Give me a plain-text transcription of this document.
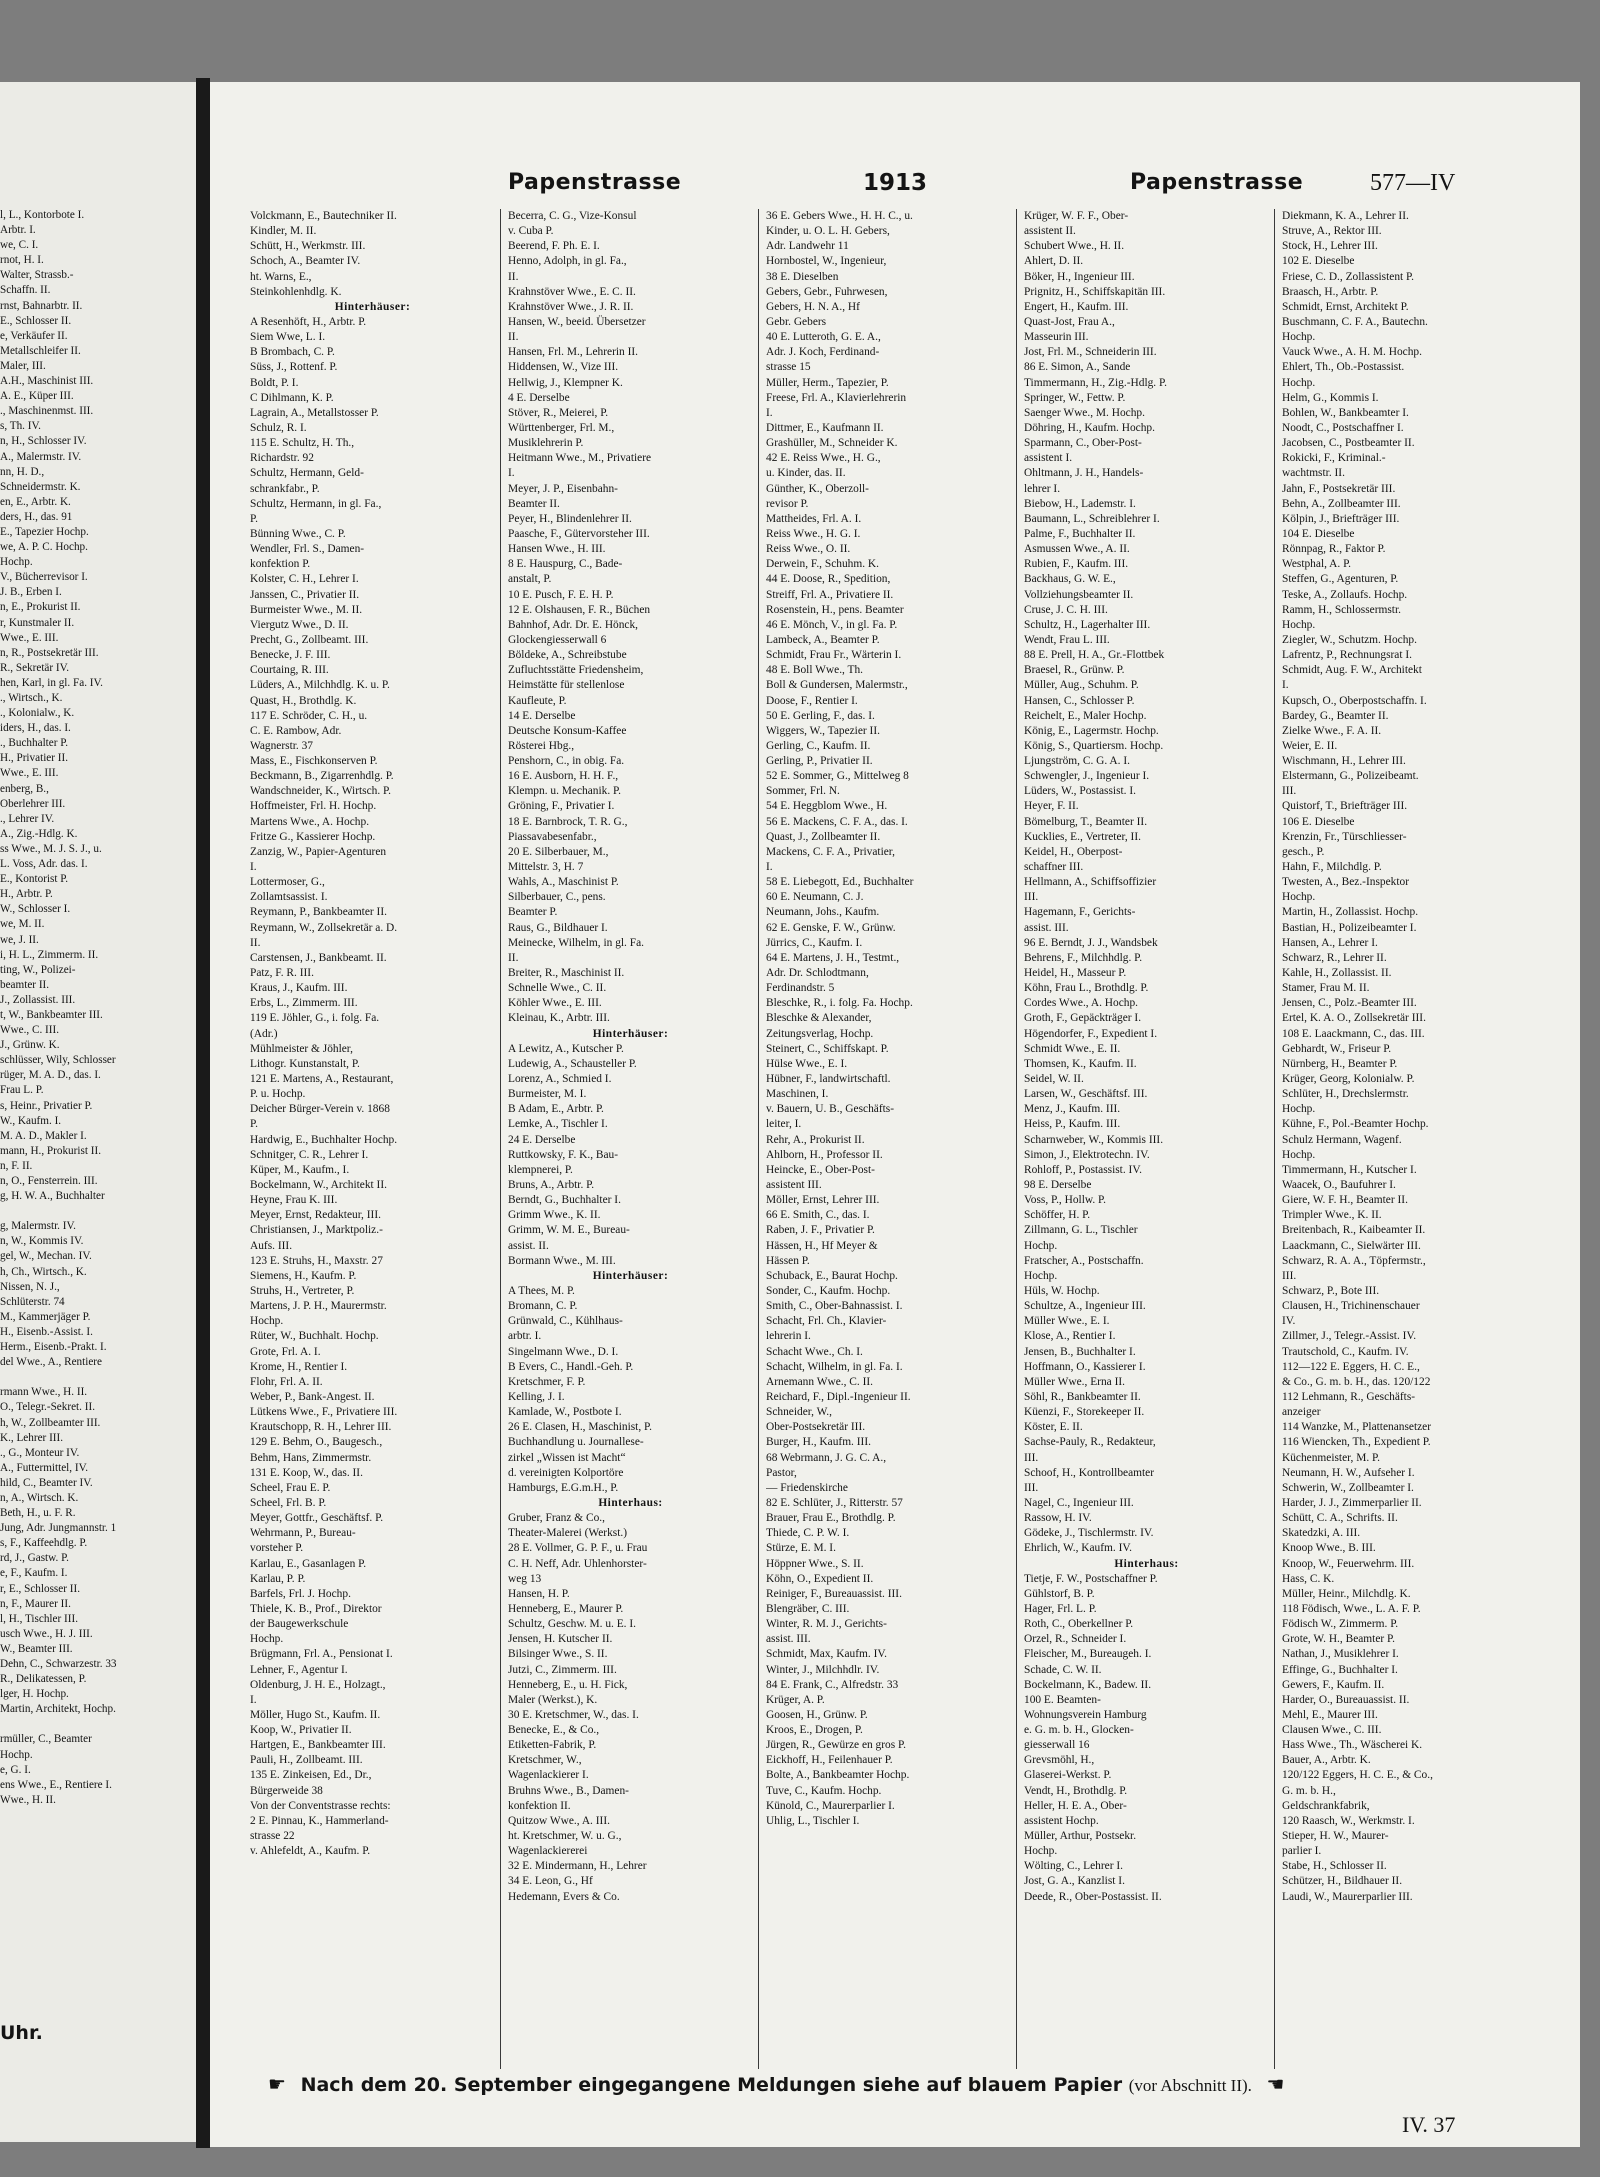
l, L., Kontorbote I.
Arbtr. I.
we, C. I.
rnot, H. I.
Walter, Strassb.-
Schaffn. II.
rnst, Bahnarbtr. II.
E., Schlosser II.
e, Verkäufer II.
Metallschleifer II.
Maler, III.
A.H., Maschinist III.
A. E., Küper III.
., Maschinenmst. III.
s, Th. IV.
n, H., Schlosser IV.
A., Malermstr. IV.
nn, H. D.,
Schneidermstr. K.
en, E., Arbtr. K.
ders, H., das. 91
E., Tapezier Hochp.
we, A. P. C. Hochp.
Hochp.
V., Bücherrevisor I.
J. B., Erben I.
n, E., Prokurist II.
r, Kunstmaler II.
Wwe., E. III.
n, R., Postsekretär III.
R., Sekretär IV.
hen, Karl, in gl. Fa. IV.
., Wirtsch., K.
., Kolonialw., K.
iders, H., das. I.
., Buchhalter P.
H., Privatier II.
Wwe., E. III.
enberg, B.,
Oberlehrer III.
., Lehrer IV.
A., Zig.-Hdlg. K.
ss Wwe., M. J. S. J., u.
L. Voss, Adr. das. I.
E., Kontorist P.
H., Arbtr. P.
W., Schlosser I.
we, M. II.
we, J. II.
i, H. L., Zimmerm. II.
ting, W., Polizei-
beamter II.
J., Zollassist. III.
t, W., Bankbeamter III.
Wwe., C. III.
J., Grünw. K.
schlüsser, Wily, Schlosser
rüger, M. A. D., das. I.
Frau L. P.
s, Heinr., Privatier P.
W., Kaufm. I.
M. A. D., Makler I.
mann, H., Prokurist II.
n, F. II.
n, O., Fensterrein. III.
g, H. W. A., Buchhalter
g, Malermstr. IV.
n, W., Kommis IV.
gel, W., Mechan. IV.
h, Ch., Wirtsch., K.
Nissen, N. J.,
Schlüterstr. 74
M., Kammerjäger P.
H., Eisenb.-Assist. I.
Herm., Eisenb.-Prakt. I.
del Wwe., A., Rentiere
rmann Wwe., H. II.
O., Telegr.-Sekret. II.
h, W., Zollbeamter III.
K., Lehrer III.
., G., Monteur IV.
A., Futtermittel, IV.
hild, C., Beamter IV.
n, A., Wirtsch. K.
Beth, H., u. F. R.
Jung, Adr. Jungmannstr. 1
s, F., Kaffeehdlg. P.
rd, J., Gastw. P.
e, F., Kaufm. I.
r, E., Schlosser II.
n, F., Maurer II.
l, H., Tischler III.
usch Wwe., H. J. III.
W., Beamter III.
Dehn, C., Schwarzestr. 33
R., Delikatessen, P.
lger, H. Hochp.
Martin, Architekt, Hochp.
rmüller, C., Beamter
Hochp.
e, G. I.
ens Wwe., E., Rentiere I.
Wwe., H. II.
Uhr.
Papenstrasse	1913	Papenstrasse	577—IV
Volckmann, E., Bautechniker II.
Kindler, M. II.
Schütt, H., Werkmstr. III.
Schoch, A., Beamter IV.
ht. Warns, E.,
Steinkohlenhdlg. K.
Hinterhäuser:
A Resenhöft, H., Arbtr. P.
Siem Wwe, L. I.
B Brombach, C. P.
Süss, J., Rottenf. P.
Boldt, P. I.
C Dihlmann, K. P.
Lagrain, A., Metallstosser P.
Schulz, R. I.
115 E. Schultz, H. Th.,
Richardstr. 92
Schultz, Hermann, Geld-
schrankfabr., P.
Schultz, Hermann, in gl. Fa.,
P.
Bünning Wwe., C. P.
Wendler, Frl. S., Damen-
konfektion P.
Kolster, C. H., Lehrer I.
Janssen, C., Privatier II.
Burmeister Wwe., M. II.
Viergutz Wwe., D. II.
Precht, G., Zollbeamt. III.
Benecke, J. F. III.
Courtaing, R. III.
Lüders, A., Milchhdlg. K. u. P.
Quast, H., Brothdlg. K.
117 E. Schröder, C. H., u.
C. E. Rambow, Adr.
Wagnerstr. 37
Mass, E., Fischkonserven P.
Beckmann, B., Zigarrenhdlg. P.
Wandschneider, K., Wirtsch. P.
Hoffmeister, Frl. H. Hochp.
Martens Wwe., A. Hochp.
Fritze G., Kassierer Hochp.
Zanzig, W., Papier-Agenturen
I.
Lottermoser, G.,
Zollamtsassist. I.
Reymann, P., Bankbeamter II.
Reymann, W., Zollsekretär a. D.
II.
Carstensen, J., Bankbeamt. II.
Patz, F. R. III.
Kraus, J., Kaufm. III.
Erbs, L., Zimmerm. III.
119 E. Jöhler, G., i. folg. Fa.
(Adr.)
Mühlmeister & Jöhler,
Lithogr. Kunstanstalt, P.
121 E. Martens, A., Restaurant,
P. u. Hochp.
Deicher Bürger-Verein v. 1868
P.
Hardwig, E., Buchhalter Hochp.
Schnitger, C. R., Lehrer I.
Küper, M., Kaufm., I.
Bockelmann, W., Architekt II.
Heyne, Frau K. III.
Meyer, Ernst, Redakteur, III.
Christiansen, J., Marktpoliz.-
Aufs. III.
123 E. Struhs, H., Maxstr. 27
Siemens, H., Kaufm. P.
Struhs, H., Vertreter, P.
Martens, J. P. H., Maurermstr.
Hochp.
Rüter, W., Buchhalt. Hochp.
Grote, Frl. A. I.
Krome, H., Rentier I.
Flohr, Frl. A. II.
Weber, P., Bank-Angest. II.
Lütkens Wwe., F., Privatiere III.
Krautschopp, R. H., Lehrer III.
129 E. Behm, O., Baugesch.,
Behm, Hans, Zimmermstr.
131 E. Koop, W., das. II.
Scheel, Frau E. P.
Scheel, Frl. B. P.
Meyer, Gottfr., Geschäftsf. P.
Wehrmann, P., Bureau-
vorsteher P.
Karlau, E., Gasanlagen P.
Karlau, P. P.
Barfels, Frl. J. Hochp.
Thiele, K. B., Prof., Direktor
der Baugewerkschule
Hochp.
Brügmann, Frl. A., Pensionat I.
Lehner, F., Agentur I.
Oldenburg, J. H. E., Holzagt.,
I.
Möller, Hugo St., Kaufm. II.
Koop, W., Privatier II.
Hartgen, E., Bankbeamter III.
Pauli, H., Zollbeamt. III.
135 E. Zinkeisen, Ed., Dr.,
Bürgerweide 38
Von der Conventstrasse rechts:
2 E. Pinnau, K., Hammerland-
strasse 22
v. Ahlefeldt, A., Kaufm. P.
Becerra, C. G., Vize-Konsul
v. Cuba P.
Beerend, F. Ph. E. I.
Henno, Adolph, in gl. Fa.,
II.
Krahnstöver Wwe., E. C. II.
Krahnstöver Wwe., J. R. II.
Hansen, W., beeid. Übersetzer
II.
Hansen, Frl. M., Lehrerin II.
Hiddensen, W., Vize III.
Hellwig, J., Klempner K.
4 E. Derselbe
Stöver, R., Meierei, P.
Württenberger, Frl. M.,
Musiklehrerin P.
Heitmann Wwe., M., Privatiere
I.
Meyer, J. P., Eisenbahn-
Beamter II.
Peyer, H., Blindenlehrer II.
Paasche, F., Gütervorsteher III.
Hansen Wwe., H. III.
8 E. Hauspurg, C., Bade-
anstalt, P.
10 E. Pusch, F. E. H. P.
12 E. Olshausen, F. R., Büchen
Bahnhof, Adr. Dr. E. Hönck,
Glockengiesserwall 6
Böldeke, A., Schreibstube
Zufluchtsstätte Friedensheim,
Heimstätte für stellenlose
Kaufleute, P.
14 E. Derselbe
Deutsche Konsum-Kaffee
Rösterei Hbg.,
Penshorn, C., in obig. Fa.
16 E. Ausborn, H. H. F.,
Klempn. u. Mechanik. P.
Gröning, F., Privatier I.
18 E. Barnbrock, T. R. G.,
Piassavabesenfabr.,
20 E. Silberbauer, M.,
Mittelstr. 3, H. 7
Wahls, A., Maschinist P.
Silberbauer, C., pens.
Beamter P.
Raus, G., Bildhauer I.
Meinecke, Wilhelm, in gl. Fa.
II.
Breiter, R., Maschinist II.
Schnelle Wwe., C. II.
Köhler Wwe., E. III.
Kleinau, K., Arbtr. III.
Hinterhäuser:
A Lewitz, A., Kutscher P.
Ludewig, A., Schausteller P.
Lorenz, A., Schmied I.
Burmeister, M. I.
B Adam, E., Arbtr. P.
Lemke, A., Tischler I.
24 E. Derselbe
Ruttkowsky, F. K., Bau-
klempnerei, P.
Bruns, A., Arbtr. P.
Berndt, G., Buchhalter I.
Grimm Wwe., K. II.
Grimm, W. M. E., Bureau-
assist. II.
Bormann Wwe., M. III.
Hinterhäuser:
A Thees, M. P.
Bromann, C. P.
Grünwald, C., Kühlhaus-
arbtr. I.
Singelmann Wwe., D. I.
B Evers, C., Handl.-Geh. P.
Kretschmer, F. P.
Kelling, J. I.
Kamlade, W., Postbote I.
26 E. Clasen, H., Maschinist, P.
Buchhandlung u. Journallese-
zirkel „Wissen ist Macht“
d. vereinigten Kolportöre
Hamburgs, E.G.m.H., P.
Hinterhaus:
Gruber, Franz & Co.,
Theater-Malerei (Werkst.)
28 E. Vollmer, G. P. F., u. Frau
C. H. Neff, Adr. Uhlenhorster-
weg 13
Hansen, H. P.
Henneberg, E., Maurer P.
Schultz, Geschw. M. u. E. I.
Jensen, H. Kutscher II.
Bilsinger Wwe., S. II.
Jutzi, C., Zimmerm. III.
Henneberg, E., u. H. Fick,
Maler (Werkst.), K.
30 E. Kretschmer, W., das. I.
Benecke, E., & Co.,
Etiketten-Fabrik, P.
Kretschmer, W.,
Wagenlackierer I.
Bruhns Wwe., B., Damen-
konfektion II.
Quitzow Wwe., A. III.
ht. Kretschmer, W. u. G.,
Wagenlackiererei
32 E. Mindermann, H., Lehrer
34 E. Leon, G., Hf
Hedemann, Evers & Co.
36 E. Gebers Wwe., H. H. C., u.
Kinder, u. O. L. H. Gebers,
Adr. Landwehr 11
Hornbostel, W., Ingenieur,
38 E. Dieselben
Gebers, Gebr., Fuhrwesen,
Gebers, H. N. A., Hf
Gebr. Gebers
40 E. Lutteroth, G. E. A.,
Adr. J. Koch, Ferdinand-
strasse 15
Müller, Herm., Tapezier, P.
Freese, Frl. A., Klavierlehrerin
I.
Dittmer, E., Kaufmann II.
Grashüller, M., Schneider K.
42 E. Reiss Wwe., H. G.,
u. Kinder, das. II.
Günther, K., Oberzoll-
revisor P.
Mattheides, Frl. A. I.
Reiss Wwe., H. G. I.
Reiss Wwe., O. II.
Derwein, F., Schuhm. K.
44 E. Doose, R., Spedition,
Streiff, Frl. A., Privatiere II.
Rosenstein, H., pens. Beamter
46 E. Mönch, V., in gl. Fa. P.
Lambeck, A., Beamter P.
Schmidt, Frau Fr., Wärterin I.
48 E. Boll Wwe., Th.
Boll & Gundersen, Malermstr.,
Doose, F., Rentier I.
50 E. Gerling, F., das. I.
Wiggers, W., Tapezier II.
Gerling, C., Kaufm. II.
Gerling, P., Privatier II.
52 E. Sommer, G., Mittelweg 8
Sommer, Frl. N.
54 E. Heggblom Wwe., H.
56 E. Mackens, C. F. A., das. I.
Quast, J., Zollbeamter II.
Mackens, C. F. A., Privatier,
I.
58 E. Liebegott, Ed., Buchhalter
60 E. Neumann, C. J.
Neumann, Johs., Kaufm.
62 E. Genske, F. W., Grünw.
Jürrics, C., Kaufm. I.
64 E. Martens, J. H., Testmt.,
Adr. Dr. Schlodtmann,
Ferdinandstr. 5
Bleschke, R., i. folg. Fa. Hochp.
Bleschke & Alexander,
Zeitungsverlag, Hochp.
Steinert, C., Schiffskapt. P.
Hülse Wwe., E. I.
Hübner, F., landwirtschaftl.
Maschinen, I.
v. Bauern, U. B., Geschäfts-
leiter, I.
Rehr, A., Prokurist II.
Ahlborn, H., Professor II.
Heincke, E., Ober-Post-
assistent III.
Möller, Ernst, Lehrer III.
66 E. Smith, C., das. I.
Raben, J. F., Privatier P.
Hässen, H., Hf Meyer &
Hässen P.
Schuback, E., Baurat Hochp.
Sonder, C., Kaufm. Hochp.
Smith, C., Ober-Bahnassist. I.
Schacht, Frl. Ch., Klavier-
lehrerin I.
Schacht Wwe., Ch. I.
Schacht, Wilhelm, in gl. Fa. I.
Arnemann Wwe., C. II.
Reichard, F., Dipl.-Ingenieur II.
Schneider, W.,
Ober-Postsekretär III.
Burger, H., Kaufm. III.
68 Webrmann, J. G. C. A.,
Pastor,
— Friedenskirche
82 E. Schlüter, J., Ritterstr. 57
Brauer, Frau E., Brothdlg. P.
Thiede, C. P. W. I.
Stürze, E. M. I.
Höppner Wwe., S. II.
Köhn, O., Expedient II.
Reiniger, F., Bureauassist. III.
Blengräber, C. III.
Winter, R. M. J., Gerichts-
assist. III.
Schmidt, Max, Kaufm. IV.
Winter, J., Milchhdlr. IV.
84 E. Frank, C., Alfredstr. 33
Krüger, A. P.
Goosen, H., Grünw. P.
Kroos, E., Drogen, P.
Jürgen, R., Gewürze en gros P.
Eickhoff, H., Feilenhauer P.
Bolte, A., Bankbeamter Hochp.
Tuve, C., Kaufm. Hochp.
Künold, C., Maurerparlier I.
Uhlig, L., Tischler I.
Krüger, W. F. F., Ober-
assistent II.
Schubert Wwe., H. II.
Ahlert, D. II.
Böker, H., Ingenieur III.
Prignitz, H., Schiffskapitän III.
Engert, H., Kaufm. III.
Quast-Jost, Frau A.,
Masseurin III.
Jost, Frl. M., Schneiderin III.
86 E. Simon, A., Sande
Timmermann, H., Zig.-Hdlg. P.
Springer, W., Fettw. P.
Saenger Wwe., M. Hochp.
Döhring, H., Kaufm. Hochp.
Sparmann, C., Ober-Post-
assistent I.
Ohltmann, J. H., Handels-
lehrer I.
Biebow, H., Lademstr. I.
Baumann, L., Schreiblehrer I.
Palme, F., Buchhalter II.
Asmussen Wwe., A. II.
Rubien, F., Kaufm. III.
Backhaus, G. W. E.,
Vollziehungsbeamter II.
Cruse, J. C. H. III.
Schultz, H., Lagerhalter III.
Wendt, Frau L. III.
88 E. Prell, H. A., Gr.-Flottbek
Braesel, R., Grünw. P.
Müller, Aug., Schuhm. P.
Hansen, C., Schlosser P.
Reichelt, E., Maler Hochp.
König, E., Lagermstr. Hochp.
König, S., Quartiersm. Hochp.
Ljungström, C. G. A. I.
Schwengler, J., Ingenieur I.
Lüders, W., Postassist. I.
Heyer, F. II.
Bömelburg, T., Beamter II.
Kucklies, E., Vertreter, II.
Keidel, H., Oberpost-
schaffner III.
Hellmann, A., Schiffsoffizier
III.
Hagemann, F., Gerichts-
assist. III.
96 E. Berndt, J. J., Wandsbek
Behrens, F., Milchhdlg. P.
Heidel, H., Masseur P.
Köhn, Frau L., Brothdlg. P.
Cordes Wwe., A. Hochp.
Groth, F., Gepäckträger I.
Högendorfer, F., Expedient I.
Schmidt Wwe., E. II.
Thomsen, K., Kaufm. II.
Seidel, W. II.
Larsen, W., Geschäftsf. III.
Menz, J., Kaufm. III.
Heiss, P., Kaufm. III.
Scharnweber, W., Kommis III.
Simon, J., Elektrotechn. IV.
Rohloff, P., Postassist. IV.
98 E. Derselbe
Voss, P., Hollw. P.
Schöffer, H. P.
Zillmann, G. L., Tischler
Hochp.
Fratscher, A., Postschaffn.
Hochp.
Hüls, W. Hochp.
Schultze, A., Ingenieur III.
Müller Wwe., E. I.
Klose, A., Rentier I.
Jensen, B., Buchhalter I.
Hoffmann, O., Kassierer I.
Müller Wwe., Erna II.
Söhl, R., Bankbeamter II.
Küenzi, F., Storekeeper II.
Köster, E. II.
Sachse-Pauly, R., Redakteur,
III.
Schoof, H., Kontrollbeamter
III.
Nagel, C., Ingenieur III.
Rassow, H. IV.
Gödeke, J., Tischlermstr. IV.
Ehrlich, W., Kaufm. IV.
Hinterhaus:
Tietje, F. W., Postschaffner P.
Gühlstorf, B. P.
Hager, Frl. L. P.
Roth, C., Oberkellner P.
Orzel, R., Schneider I.
Fleischer, M., Bureaugeh. I.
Schade, C. W. II.
Bockelmann, K., Badew. II.
100 E. Beamten-
Wohnungsverein Hamburg
e. G. m. b. H., Glocken-
giesserwall 16
Grevsmöhl, H.,
Glaserei-Werkst. P.
Vendt, H., Brothdlg. P.
Heller, H. E. A., Ober-
assistent Hochp.
Müller, Arthur, Postsekr.
Hochp.
Wölting, C., Lehrer I.
Jost, G. A., Kanzlist I.
Deede, R., Ober-Postassist. II.
Diekmann, K. A., Lehrer II.
Struve, A., Rektor III.
Stock, H., Lehrer III.
102 E. Dieselbe
Friese, C. D., Zollassistent P.
Braasch, H., Arbtr. P.
Schmidt, Ernst, Architekt P.
Buschmann, C. F. A., Bautechn.
Hochp.
Vauck Wwe., A. H. M. Hochp.
Ehlert, Th., Ob.-Postassist.
Hochp.
Helm, G., Kommis I.
Bohlen, W., Bankbeamter I.
Noodt, C., Postschaffner I.
Jacobsen, C., Postbeamter II.
Rokicki, F., Kriminal.-
wachtmstr. II.
Jahn, F., Postsekretär III.
Behn, A., Zollbeamter III.
Kölpin, J., Briefträger III.
104 E. Dieselbe
Rönnpag, R., Faktor P.
Westphal, A. P.
Steffen, G., Agenturen, P.
Teske, A., Zollaufs. Hochp.
Ramm, H., Schlossermstr.
Hochp.
Ziegler, W., Schutzm. Hochp.
Lafrentz, P., Rechnungsrat I.
Schmidt, Aug. F. W., Architekt
I.
Kupsch, O., Oberpostschaffn. I.
Bardey, G., Beamter II.
Zielke Wwe., F. A. II.
Weier, E. II.
Wischmann, H., Lehrer III.
Elstermann, G., Polizeibeamt.
III.
Quistorf, T., Briefträger III.
106 E. Dieselbe
Krenzin, Fr., Türschliesser-
gesch., P.
Hahn, F., Milchdlg. P.
Twesten, A., Bez.-Inspektor
Hochp.
Martin, H., Zollassist. Hochp.
Bastian, H., Polizeibeamter I.
Hansen, A., Lehrer I.
Schwarz, R., Lehrer II.
Kahle, H., Zollassist. II.
Stamer, Frau M. II.
Jensen, C., Polz.-Beamter III.
Ertel, K. A. O., Zollsekretär III.
108 E. Laackmann, C., das. III.
Gebhardt, W., Friseur P.
Nürnberg, H., Beamter P.
Krüger, Georg, Kolonialw. P.
Schlüter, H., Drechslermstr.
Hochp.
Kühne, F., Pol.-Beamter Hochp.
Schulz Hermann, Wagenf.
Hochp.
Timmermann, H., Kutscher I.
Waacek, O., Baufuhrer I.
Giere, W. F. H., Beamter II.
Trimpler Wwe., K. II.
Breitenbach, R., Kaibeamter II.
Laackmann, C., Sielwärter III.
Schwarz, R. A. A., Töpfermstr.,
III.
Schwarz, P., Bote III.
Clausen, H., Trichinenschauer
IV.
Zillmer, J., Telegr.-Assist. IV.
Trautschold, C., Kaufm. IV.
112—122 E. Eggers, H. C. E.,
& Co., G. m. b. H., das. 120/122
112 Lehmann, R., Geschäfts-
anzeiger
114 Wanzke, M., Plattenansetzer
116 Wiencken, Th., Expedient P.
Küchenmeister, M. P.
Neumann, H. W., Aufseher I.
Schwerin, W., Zollbeamter I.
Harder, J. J., Zimmerparlier II.
Schütt, C. A., Schrifts. II.
Skatedzki, A. III.
Knoop Wwe., B. III.
Knoop, W., Feuerwehrm. III.
Hass, C. K.
Müller, Heinr., Milchdlg. K.
118 Födisch, Wwe., L. A. F. P.
Födisch W., Zimmerm. P.
Grote, W. H., Beamter P.
Nathan, J., Musiklehrer I.
Effinge, G., Buchhalter I.
Gewers, F., Kaufm. II.
Harder, O., Bureauassist. II.
Mehl, E., Maurer III.
Clausen Wwe., C. III.
Hass Wwe., Th., Wäscherei K.
Bauer, A., Arbtr. K.
120/122 Eggers, H. C. E., & Co.,
G. m. b. H.,
Geldschrankfabrik,
120 Raasch, W., Werkmstr. I.
Stieper, H. W., Maurer-
parlier I.
Stabe, H., Schlosser II.
Schützer, H., Bildhauer II.
Laudi, W., Maurerparlier III.
☛ Nach dem 20. September eingegangene Meldungen siehe auf blauem Papier (vor Abschnitt II). ☚
IV. 37
